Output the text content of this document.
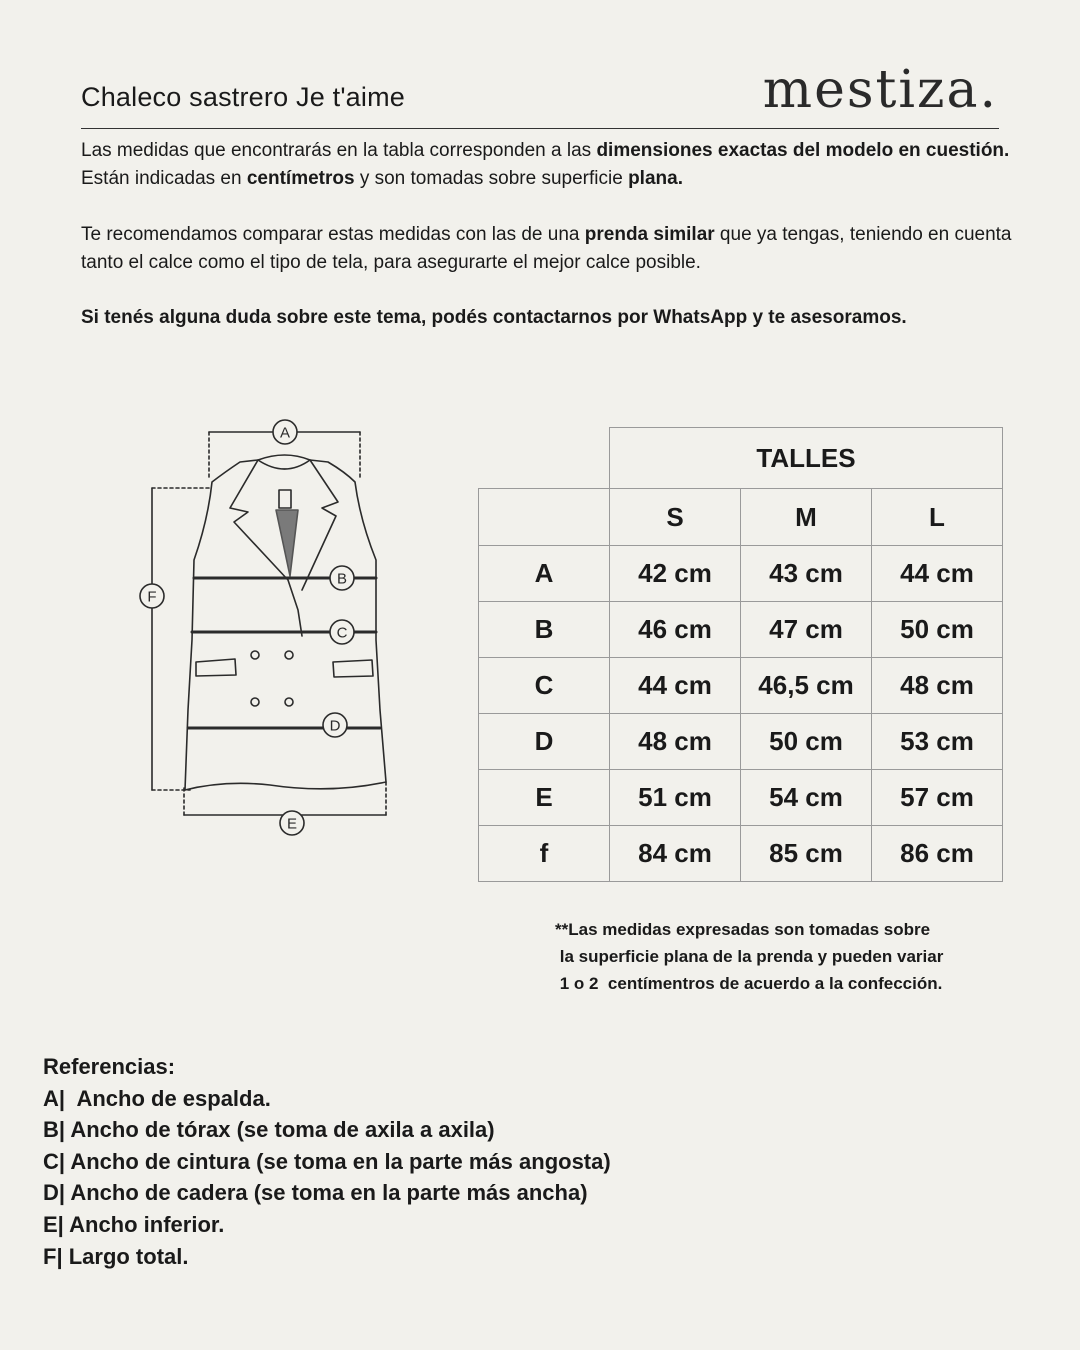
Chaleco sastrero Je t'aime	mestiza.

Las medidas que encontrarás en la tabla corresponden a las dimensiones exactas del modelo en cuestión. Están indicadas en centímetros y son tomadas sobre superficie plana.

Te recomendamos comparar estas medidas con las de una prenda similar que ya tengas, teniendo en cuenta tanto el calce como el tipo de tela, para asegurarte el mejor calce posible.

Si tenés alguna duda sobre este tema, podés contactarnos por WhatsApp y te asesoramos.

A
B
C
D
E
F
	TALLES		
	S	M	L
A	42 cm	43 cm	44 cm
B	46 cm	47 cm	50 cm
C	44 cm	46,5 cm	48 cm
D	48 cm	50 cm	53 cm
E	51 cm	54 cm	57 cm
f	84 cm	85 cm	86 cm
**Las medidas expresadas son tomadas sobre
la superficie plana de la prenda y pueden variar
1 o 2  centímentros de acuerdo a la confección.
Referencias:
A|  Ancho de espalda.
B| Ancho de tórax (se toma de axila a axila)
C| Ancho de cintura (se toma en la parte más angosta)
D| Ancho de cadera (se toma en la parte más ancha)
E| Ancho inferior.
F| Largo total.
